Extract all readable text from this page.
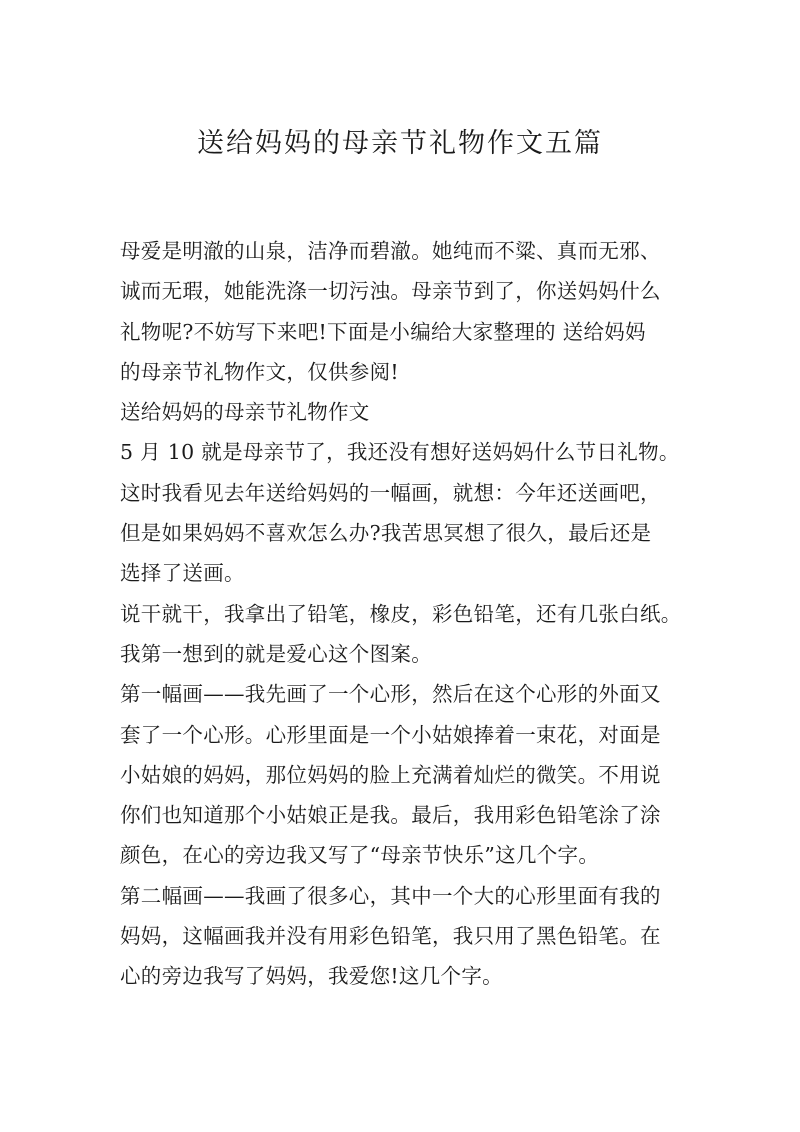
送给妈妈的母亲节礼物作文五篇
母爱是明澈的山泉，洁净而碧澈。她纯而不粱、真而无邪、
诚而无瑕，她能洗涤一切污浊。母亲节到了，你送妈妈什么
礼物呢?不妨写下来吧!下面是小编给大家整理的 送给妈妈
的母亲节礼物作文，仅供参阅!
送给妈妈的母亲节礼物作文
5 月 10 就是母亲节了，我还没有想好送妈妈什么节日礼物。
这时我看见去年送给妈妈的一幅画，就想：今年还送画吧，
但是如果妈妈不喜欢怎么办?我苦思冥想了很久，最后还是
选择了送画。
说干就干，我拿出了铅笔，橡皮，彩色铅笔，还有几张白纸。
我第一想到的就是爱心这个图案。
第一幅画——我先画了一个心形，然后在这个心形的外面又
套了一个心形。心形里面是一个小姑娘捧着一束花，对面是
小姑娘的妈妈，那位妈妈的脸上充满着灿烂的微笑。不用说
你们也知道那个小姑娘正是我。最后，我用彩色铅笔涂了涂
颜色，在心的旁边我又写了“母亲节快乐”这几个字。
第二幅画——我画了很多心，其中一个大的心形里面有我的
妈妈，这幅画我并没有用彩色铅笔，我只用了黑色铅笔。在
心的旁边我写了妈妈，我爱您!这几个字。
